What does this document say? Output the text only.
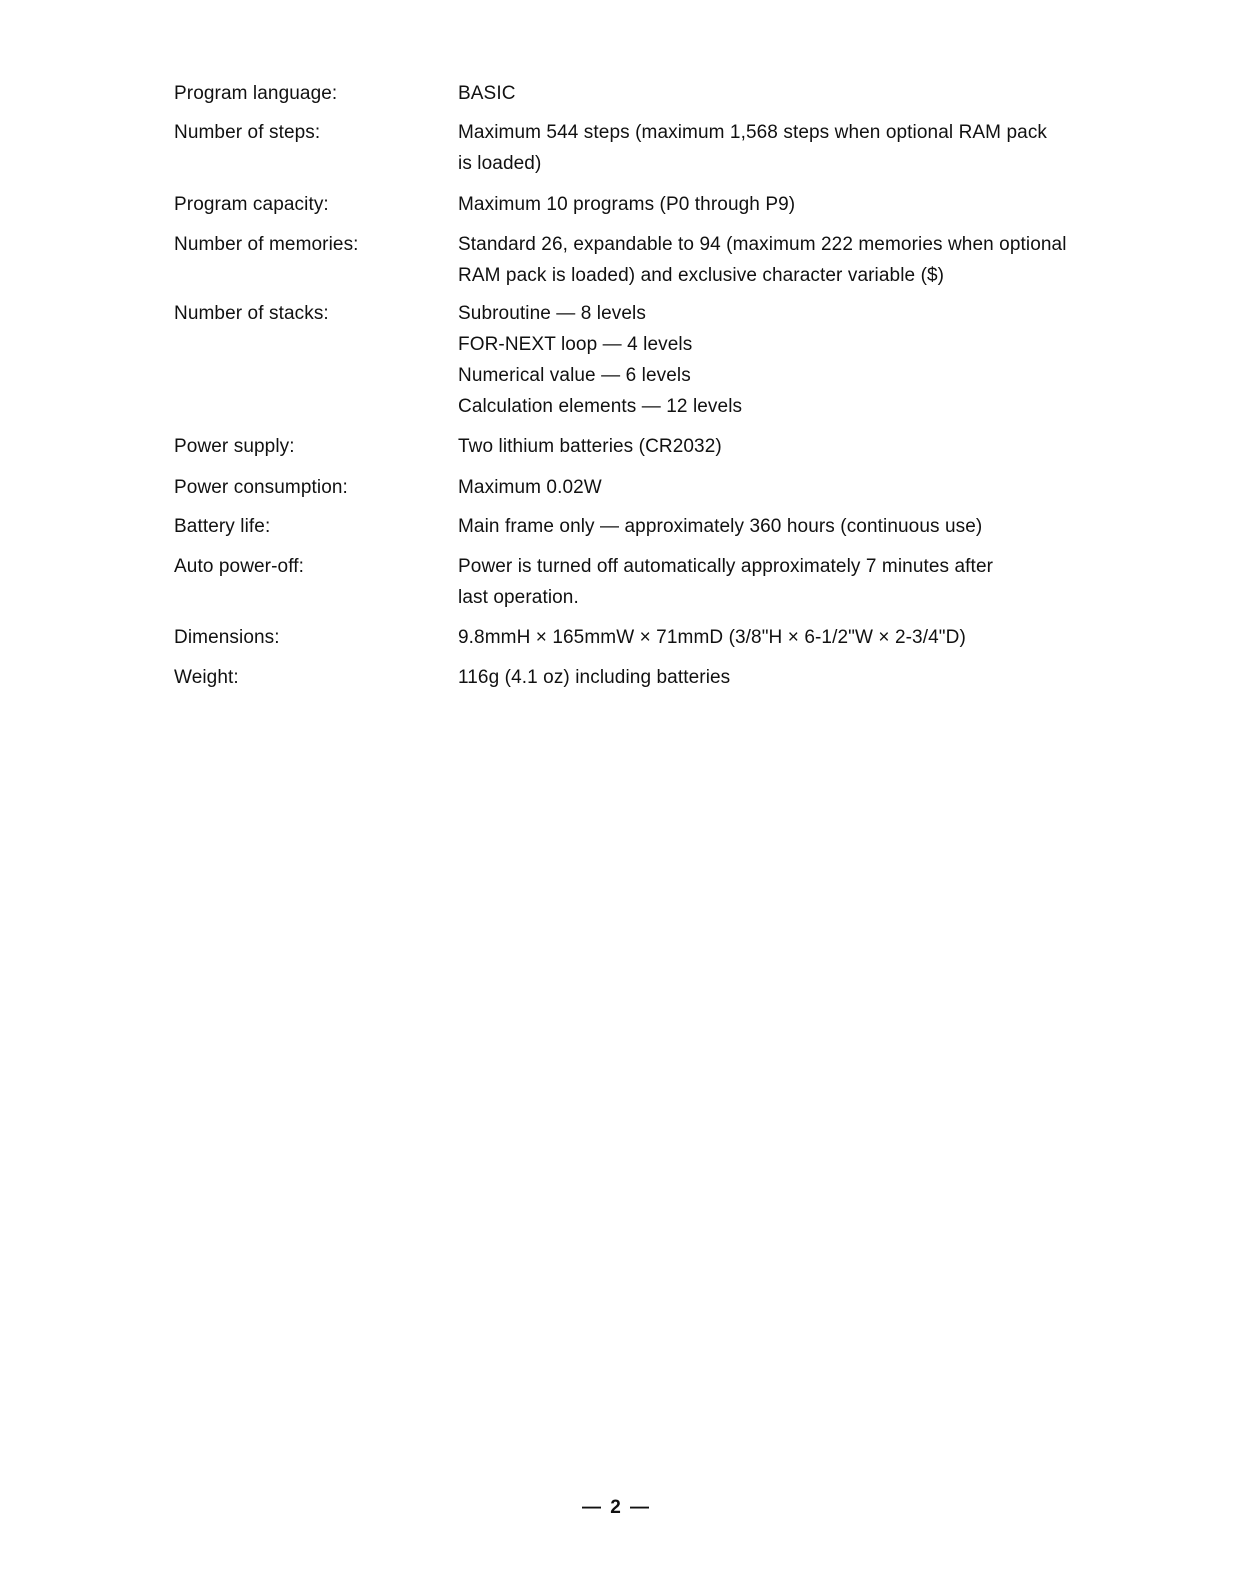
Program language:	BASIC
Number of steps:	Maximum 544 steps (maximum 1,568 steps when optional RAM pack
is loaded)
Program capacity:	Maximum 10 programs (P0 through P9)
Number of memories:	Standard 26, expandable to 94 (maximum 222 memories when optional
RAM pack is loaded) and exclusive character variable ($)
Number of stacks:	Subroutine — 8 levels
FOR-NEXT loop — 4 levels
Numerical value — 6 levels
Calculation elements — 12 levels
Power supply:	Two lithium batteries (CR2032)
Power consumption:	Maximum 0.02W
Battery life:	Main frame only — approximately 360 hours (continuous use)
Auto power-off:	Power is turned off automatically approximately 7 minutes after
last operation.
Dimensions:	9.8mmH × 165mmW × 71mmD (3/8"H × 6-1/2"W × 2-3/4"D)
Weight:	116g (4.1 oz) including batteries
— 2 —
